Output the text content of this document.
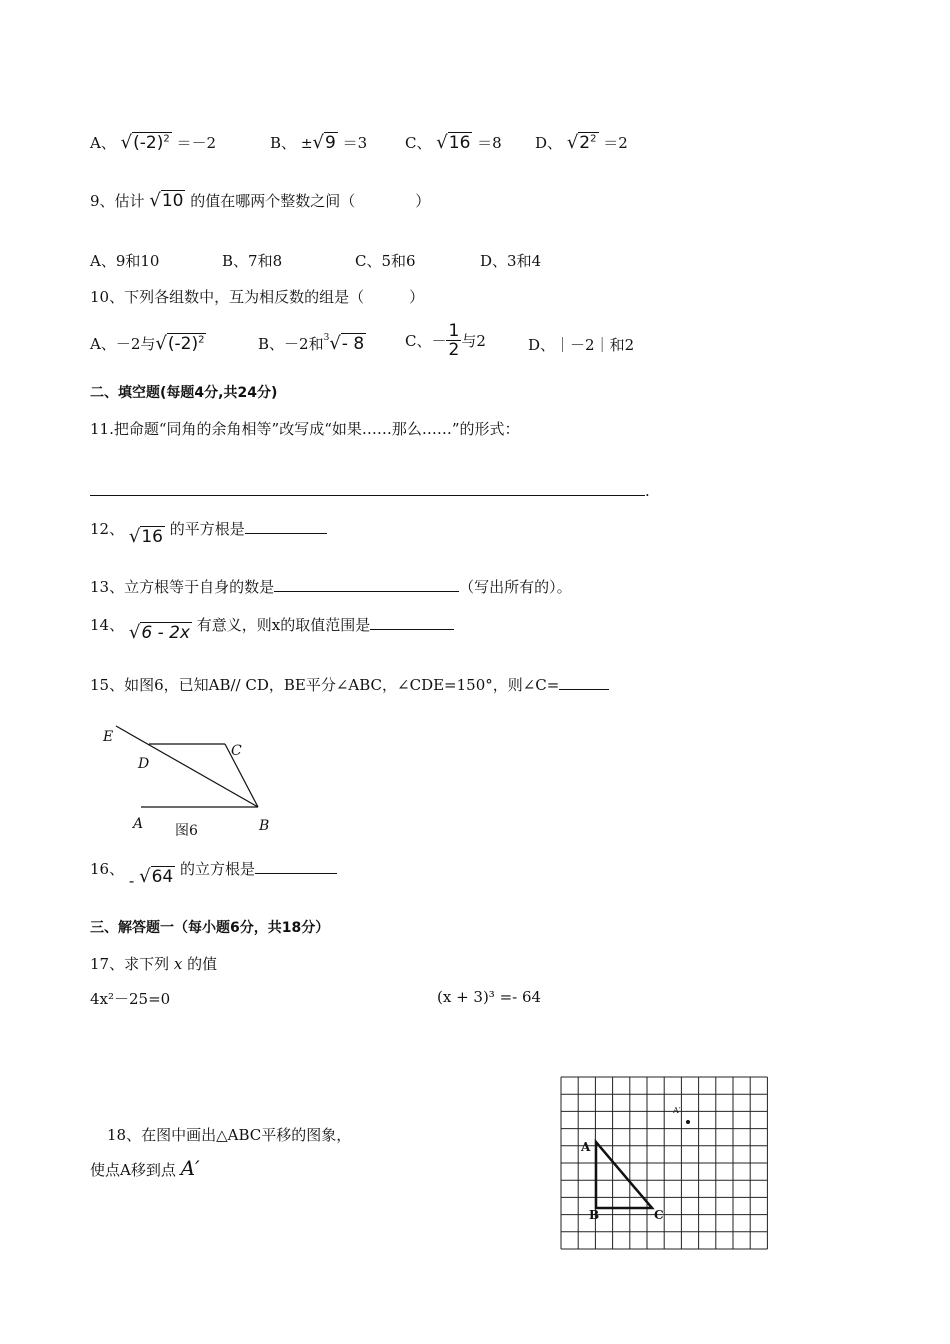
A、 $√(-2)^2 =-2$	B、 ±√9 ＝3	C、 √16 ＝8 D、 $√2^2 =2$
9、估计 √10 的值在哪两个整数之间（　　　　）
A、9和10	B、7和8	C、5和6	D、3和4
10、下列各组数中，互为相反数的组是（　　　）
A、－2与$√(-2)^2$	B、－2和$^3$√- 8	C、－ $\frac{1}{2}$ 与2	D、｜－2｜和2
二、填空题(每题4分,共24分)
11.把命题“同角的余角相等”改写成“如果……那么……”的形式：
.
12、 √16 的平方根是
13、立方根等于自身的数是	（写出所有的）。
14、 √6 - 2x 有意义，则x的取值范围是
15、如图6，已知AB// CD，BE平分∠ABC，∠CDE=150°，则∠C=
E
D
C
A	B
图6
16、 - √64 的立方根是
三、解答题一（每小题6分，共18分）
17、求下列 x 的值
4x²－25=0	(x + 3)³ =- 64
18、在图中画出△ABC平移的图象，
使点A移到点 A′
A
B	C
A′
